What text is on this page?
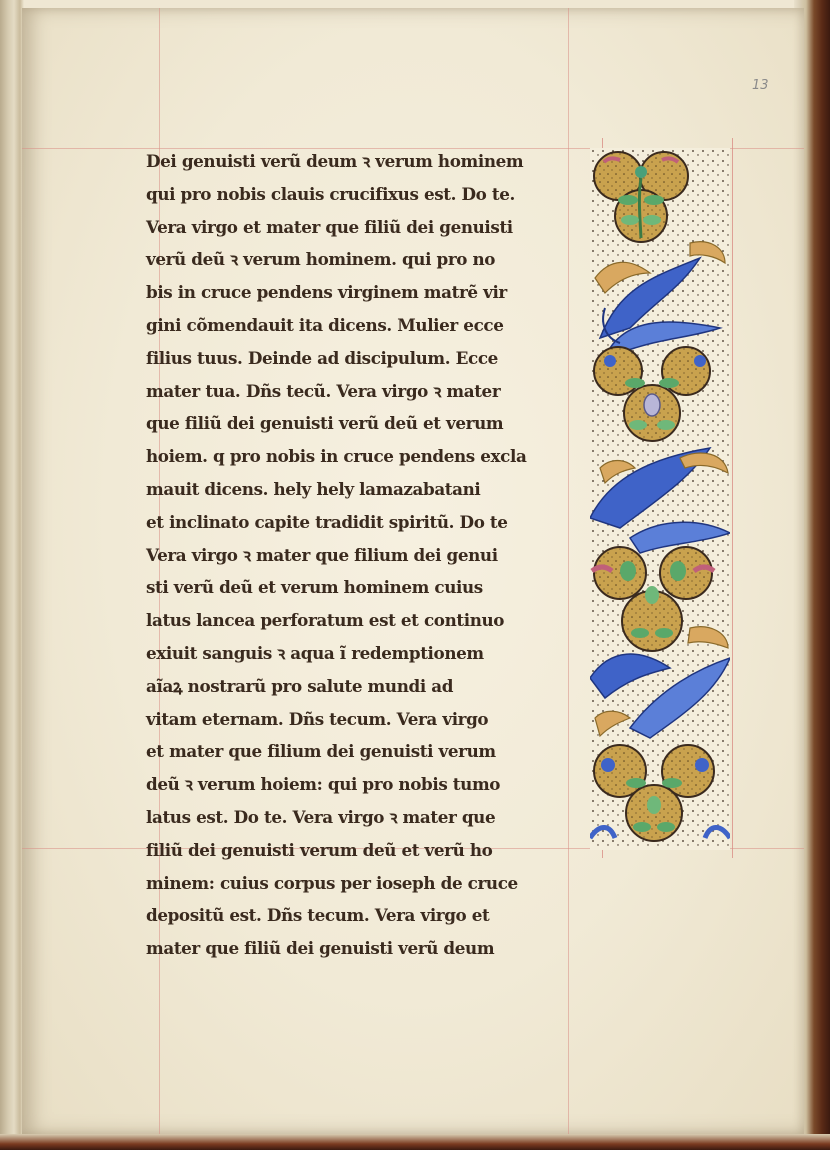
13
Dei genuisti verũ deum ꝛ verum hominem
qui pro nobis clauis crucifixus est. Do te.
Vera virgo et mater que filiũ dei genuisti
verũ deũ ꝛ verum hominem. qui pro no
bis in cruce pendens virginem matrẽ vir
gini cõmendauit ita dicens. Mulier ecce
filius tuus. Deinde ad discipulum. Ecce
mater tua. Dñs tecũ. Vera virgo ꝛ mater
que filiũ dei genuisti verũ deũ et verum
hoiem. q pro nobis in cruce pendens excla
mauit dicens. hely hely lamazabatani
et inclinato capite tradidit spiritũ. Do te
Vera virgo ꝛ mater que filium dei genui
sti verũ deũ et verum hominem cuius
latus lancea perforatum est et continuo
exiuit sanguis ꝛ aqua ĩ redemptionem
aĩaꝝ nostrarũ pro salute mundi ad
vitam eternam. Dñs tecum. Vera virgo
et mater que filium dei genuisti verum
deũ ꝛ verum hoiem: qui pro nobis tumo
latus est. Do te. Vera virgo ꝛ mater que
filiũ dei genuisti verum deũ et verũ ho
minem: cuius corpus per ioseph de cruce
depositũ est. Dñs tecum. Vera virgo et
mater que filiũ dei genuisti verũ deum
